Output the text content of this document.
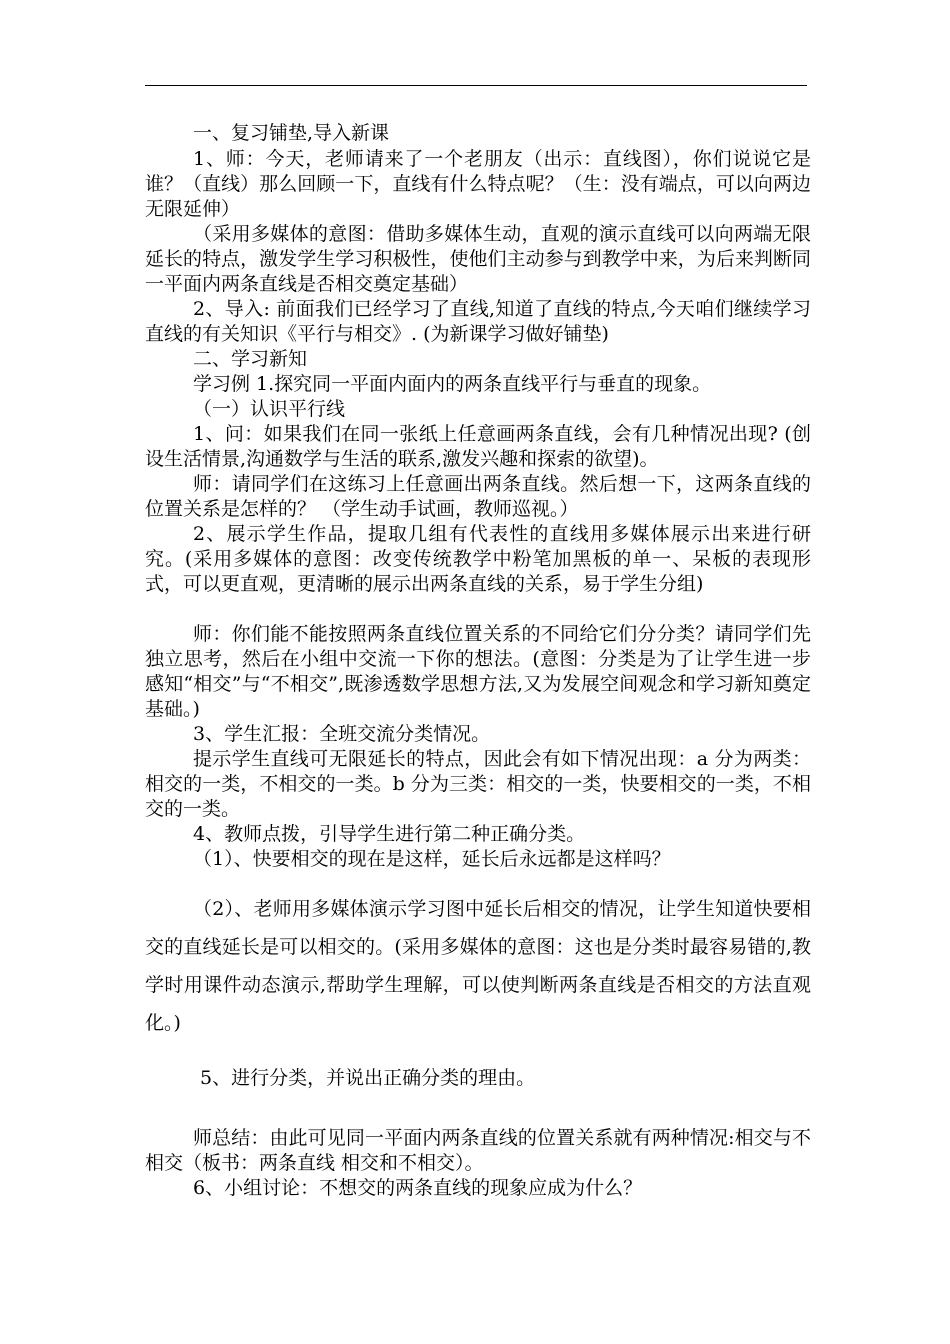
一、复习铺垫,导入新课

1、师：今天，老师请来了一个老朋友（出示：直线图），你们说说它是谁？（直线）那么回顾一下，直线有什么特点呢？（生：没有端点，可以向两边无限延伸）

（采用多媒体的意图：借助多媒体生动，直观的演示直线可以向两端无限延长的特点，激发学生学习积极性，使他们主动参与到教学中来，为后来判断同一平面内两条直线是否相交奠定基础）

2、导入: 前面我们已经学习了直线,知道了直线的特点,今天咱们继续学习直线的有关知识《平行与相交》. (为新课学习做好铺垫)

二、学习新知

学习例 1.探究同一平面内面内的两条直线平行与垂直的现象。

（一）认识平行线

1、问：如果我们在同一张纸上任意画两条直线，会有几种情况出现? (创设生活情景,沟通数学与生活的联系,激发兴趣和探索的欲望)。

师：请同学们在这练习上任意画出两条直线。然后想一下，这两条直线的位置关系是怎样的？ （学生动手试画，教师巡视。）

2、展示学生作品，提取几组有代表性的直线用多媒体展示出来进行研究。(采用多媒体的意图：改变传统教学中粉笔加黑板的单一、呆板的表现形式，可以更直观，更清晰的展示出两条直线的关系，易于学生分组)

师：你们能不能按照两条直线位置关系的不同给它们分分类？请同学们先独立思考，然后在小组中交流一下你的想法。(意图：分类是为了让学生进一步感知“相交”与“不相交”,既渗透数学思想方法,又为发展空间观念和学习新知奠定基础。)

3、学生汇报：全班交流分类情况。

提示学生直线可无限延长的特点，因此会有如下情况出现：a 分为两类：相交的一类，不相交的一类。b 分为三类：相交的一类，快要相交的一类，不相交的一类。

4、教师点拨，引导学生进行第二种正确分类。

（1）、快要相交的现在是这样，延长后永远都是这样吗？

（2）、老师用多媒体演示学习图中延长后相交的情况，让学生知道快要相交的直线延长是可以相交的。(采用多媒体的意图：这也是分类时最容易错的,教学时用课件动态演示,帮助学生理解，可以使判断两条直线是否相交的方法直观化。)

5、进行分类，并说出正确分类的理由。

师总结：由此可见同一平面内两条直线的位置关系就有两种情况:相交与不相交（板书：两条直线 相交和不相交）。

6、小组讨论：不想交的两条直线的现象应成为什么？
